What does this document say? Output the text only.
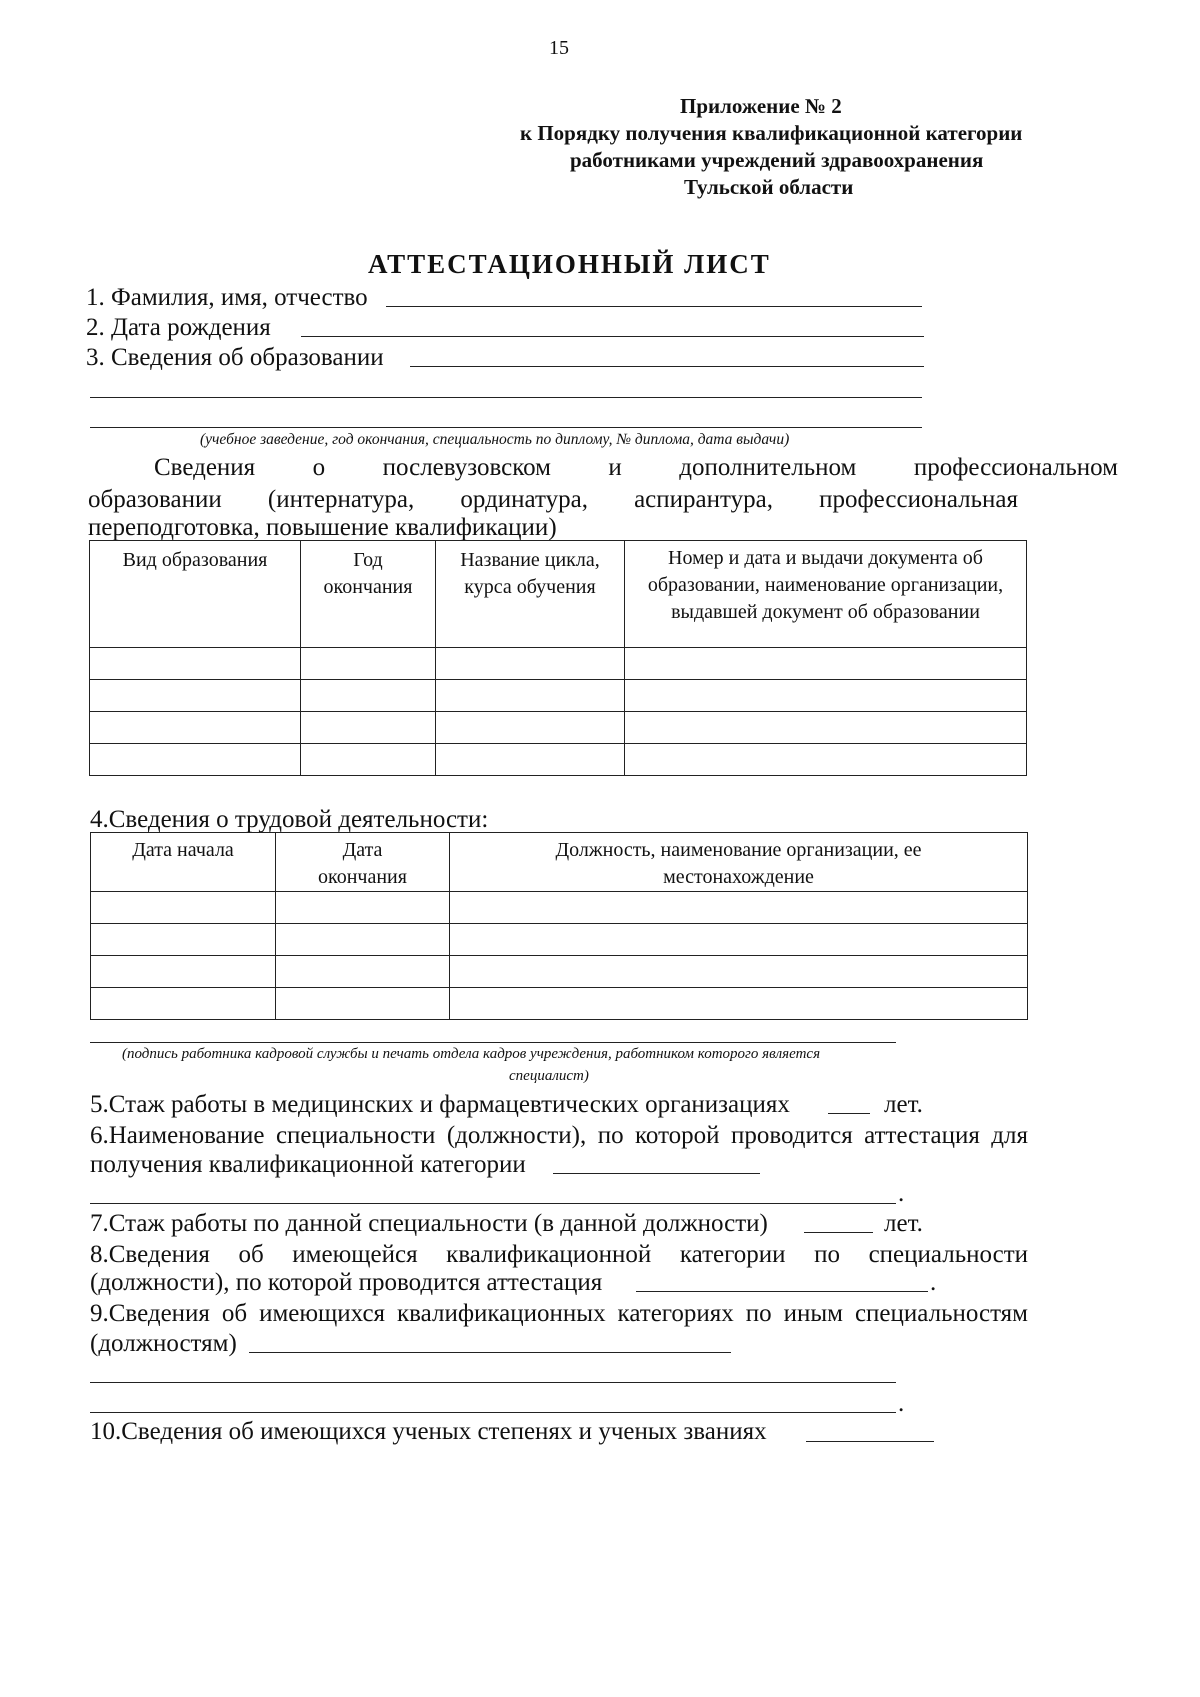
15
Приложение № 2
к Порядку получения квалификационной категории
работниками учреждений здравоохранения
Тульской области
АТТЕСТАЦИОННЫЙ ЛИСТ
1. Фамилия, имя, отчество
2. Дата рождения
3. Сведения об образовании
(учебное заведение, год окончания, специальность по диплому, № диплома, дата выдачи)
Сведения о послевузовском и дополнительном профессиональном
образовании (интернатура, ординатура, аспирантура, профессиональная
переподготовка, повышение квалификации)
Вид образования	Год окончания	Название цикла, курса обучения	Номер и дата и выдачи документа об образовании, наименование организации, выдавшей документ об образовании

4.Сведения о трудовой деятельности:
Дата начала	Дата окончания	Должность, наименование организации, ее местонахождение

(подпись работника кадровой службы и печать отдела кадров учреждения, работником которого является
специалист)
5.Стаж работы в медицинских и фармацевтических организациях	лет.
6.Наименование специальности (должности), по которой проводится аттестация для
получения квалификационной категории
.
7.Стаж работы по данной специальности (в данной должности)	лет.
8.Сведения об имеющейся квалификационной категории по специальности
(должности), по которой проводится аттестация	.
9.Сведения об имеющихся квалификационных категориях по иным специальностям
(должностям)
.
10.Сведения об имеющихся ученых степенях и ученых званиях
